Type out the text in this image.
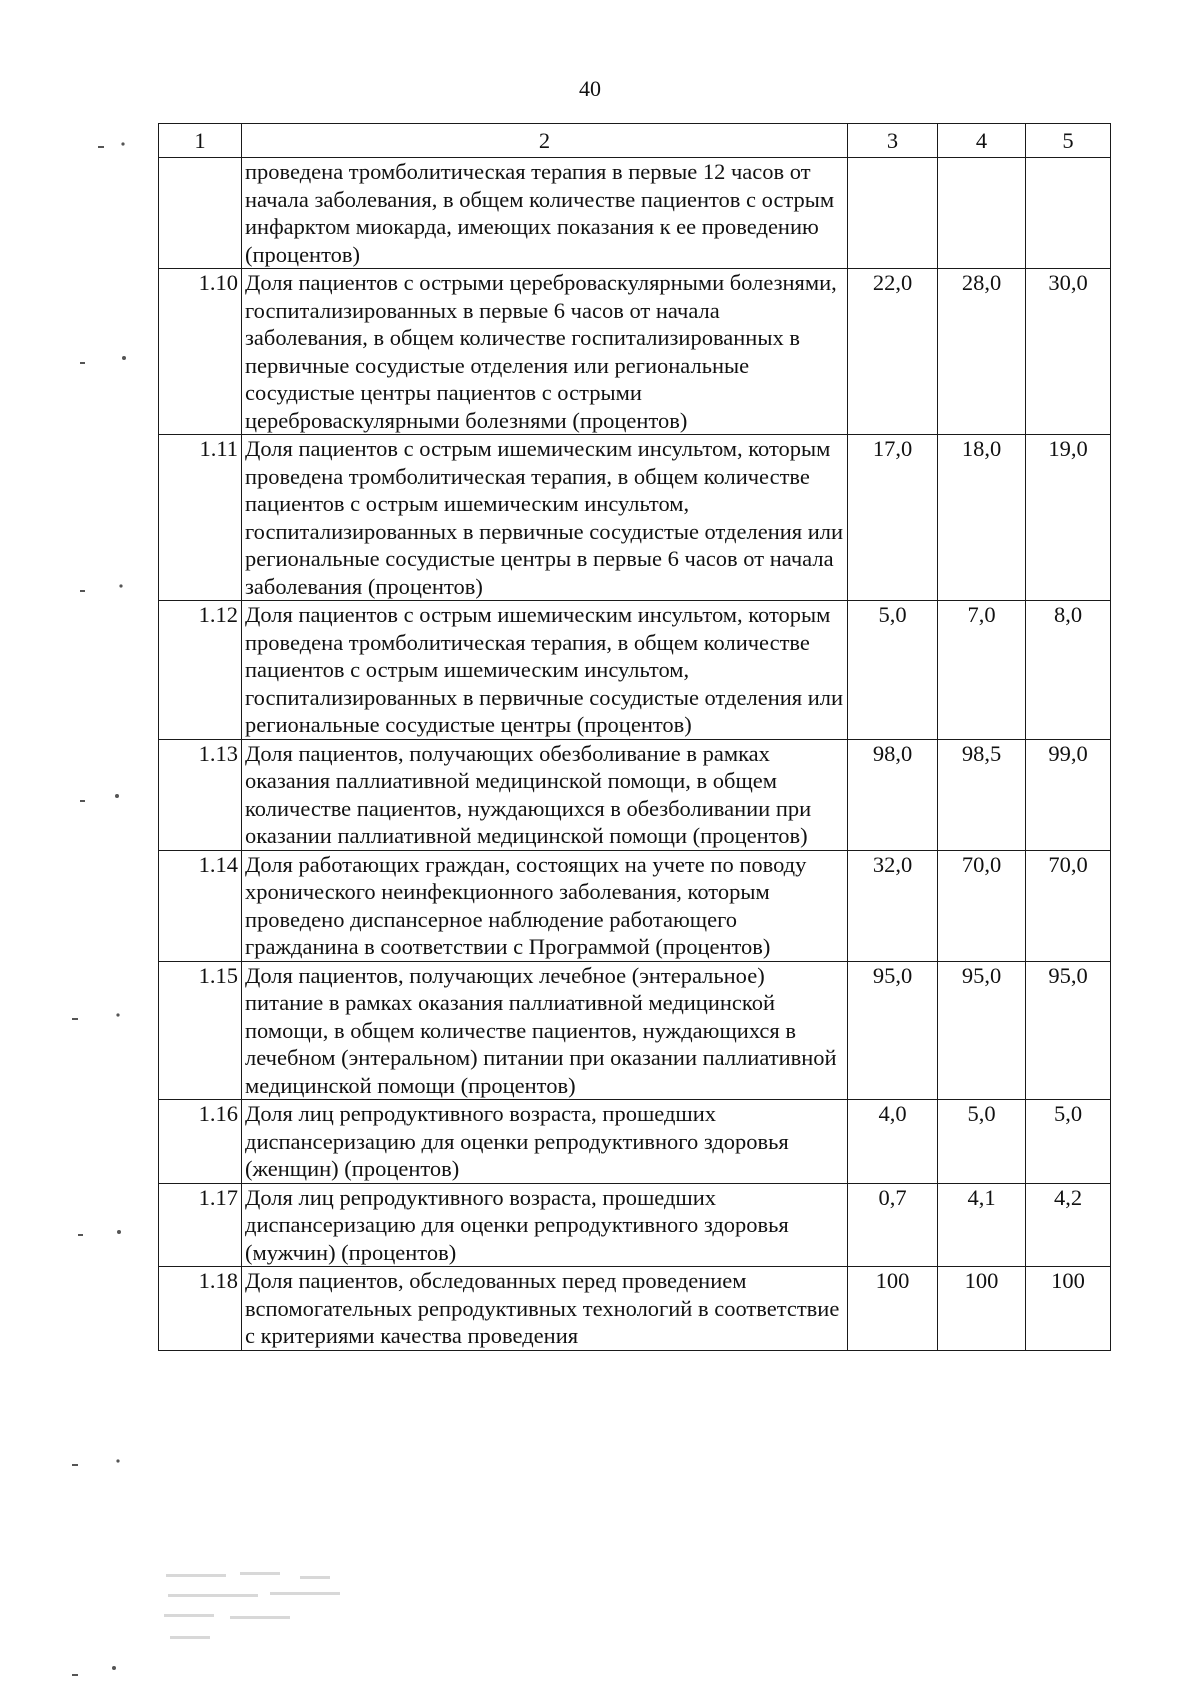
40
1	2	3	4	5
	проведена тромболитическая терапия в первые 12 часов от начала заболевания, в общем количестве пациентов с острым инфарктом миокарда, имеющих показания к ее проведению (процентов)			
1.10	Доля пациентов с острыми цереброваскулярными болезнями, госпитализированных в первые 6 часов от начала заболевания, в общем количестве госпитализированных в первичные сосудистые отделения или региональные сосудистые центры пациентов с острыми цереброваскулярными болезнями (процентов)	22,0	28,0	30,0
1.11	Доля пациентов с острым ишемическим инсультом, которым проведена тромболитическая терапия, в общем количестве пациентов с острым ишемическим инсультом, госпитализированных в первичные сосудистые отделения или региональные сосудистые центры в первые 6 часов от начала заболевания (процентов)	17,0	18,0	19,0
1.12	Доля пациентов с острым ишемическим инсультом, которым проведена тромболитическая терапия, в общем количестве пациентов с острым ишемическим инсультом, госпитализированных в первичные сосудистые отделения или региональные сосудистые центры (процентов)	5,0	7,0	8,0
1.13	Доля пациентов, получающих обезболивание в рамках оказания паллиативной медицинской помощи, в общем количестве пациентов, нуждающихся в обезболивании при оказании паллиативной медицинской помощи (процентов)	98,0	98,5	99,0
1.14	Доля работающих граждан, состоящих на учете по поводу хронического неинфекционного заболевания, которым проведено диспансерное наблюдение работающего гражданина в соответствии с Программой (процентов)	32,0	70,0	70,0
1.15	Доля пациентов, получающих лечебное (энтеральное) питание в рамках оказания паллиативной медицинской помощи, в общем количестве пациентов, нуждающихся в лечебном (энтеральном) питании при оказании паллиативной медицинской помощи (процентов)	95,0	95,0	95,0
1.16	Доля лиц репродуктивного возраста, прошедших диспансеризацию для оценки репродуктивного здоровья (женщин) (процентов)	4,0	5,0	5,0
1.17	Доля лиц репродуктивного возраста, прошедших диспансеризацию для оценки репродуктивного здоровья (мужчин) (процентов)	0,7	4,1	4,2
1.18	Доля пациентов, обследованных перед проведением вспомогательных репродуктивных технологий в соответствие с критериями качества проведения	100	100	100
